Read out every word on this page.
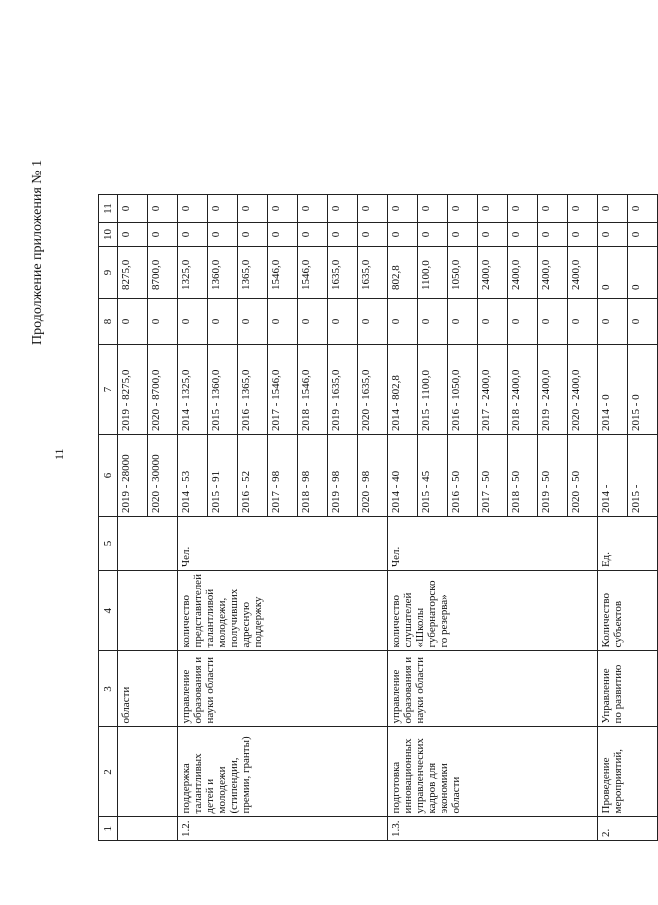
11
Продолжение приложения № 1
1	2	3	4	5	6	7	8	9	10	11
		области			2019 - 28000	2019 - 8275,0	0	8275,0	0	0
					2020 - 30000	2020 - 8700,0	0	8700,0	0	0
1.2.	поддержка талантливых детей и молодежи (стипендии, премии, гранты)	управление образования и науки области	количество представителей талантливой молодежи, получивших адресную поддержку	Чел.	2014 - 53	2014 - 1325,0	0	1325,0	0	0
					2015 - 91	2015 - 1360,0	0	1360,0	0	0
					2016 - 52	2016 - 1365,0	0	1365,0	0	0
					2017 - 98	2017 - 1546,0	0	1546,0	0	0
					2018 - 98	2018 - 1546,0	0	1546,0	0	0
					2019 - 98	2019 - 1635,0	0	1635,0	0	0
					2020 - 98	2020 - 1635,0	0	1635,0	0	0
1.3.	подготовка инновационных управленческих кадров для экономики области	управление образования и науки области	количество слушателей «Школы губернаторско го резерва»	Чел.	2014 - 40	2014 - 802,8	0	802,8	0	0
					2015 - 45	2015 - 1100,0	0	1100,0	0	0
					2016 - 50	2016 - 1050,0	0	1050,0	0	0
					2017 - 50	2017 - 2400,0	0	2400,0	0	0
					2018 - 50	2018 - 2400,0	0	2400,0	0	0
					2019 - 50	2019 - 2400,0	0	2400,0	0	0
					2020 - 50	2020 - 2400,0	0	2400,0	0	0
2.	Проведение мероприятий,	Управление по развитию	Количество субъектов	Ед.	2014 -	2014 - 0	0	0	0	0
					2015 -	2015 - 0	0	0	0	0
